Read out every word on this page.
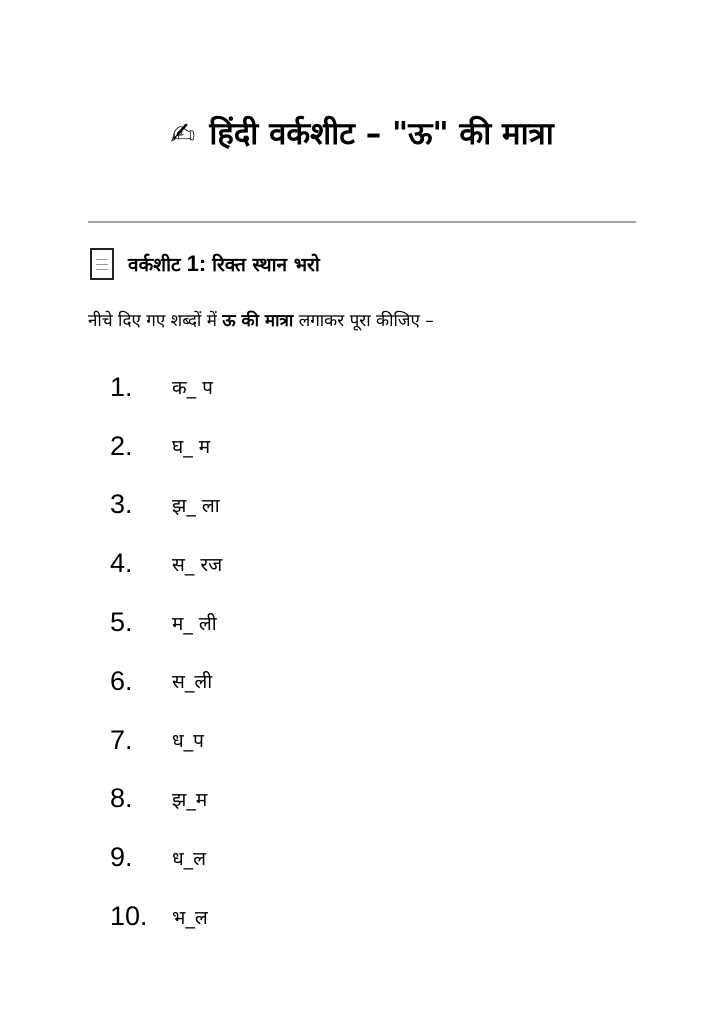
✍ हिंदी वर्कशीट – "ऊ" की मात्रा
वर्कशीट 1: रिक्त स्थान भरो
नीचे दिए गए शब्दों में ऊ की मात्रा लगाकर पूरा कीजिए –
1.	क_ प
2.	घ_ म
3.	झ_ ला
4.	स_ रज
5.	म_ ली
6.	स_ली
7.	ध_प
8.	झ_म
9.	ध_ल
10.	भ_ल
